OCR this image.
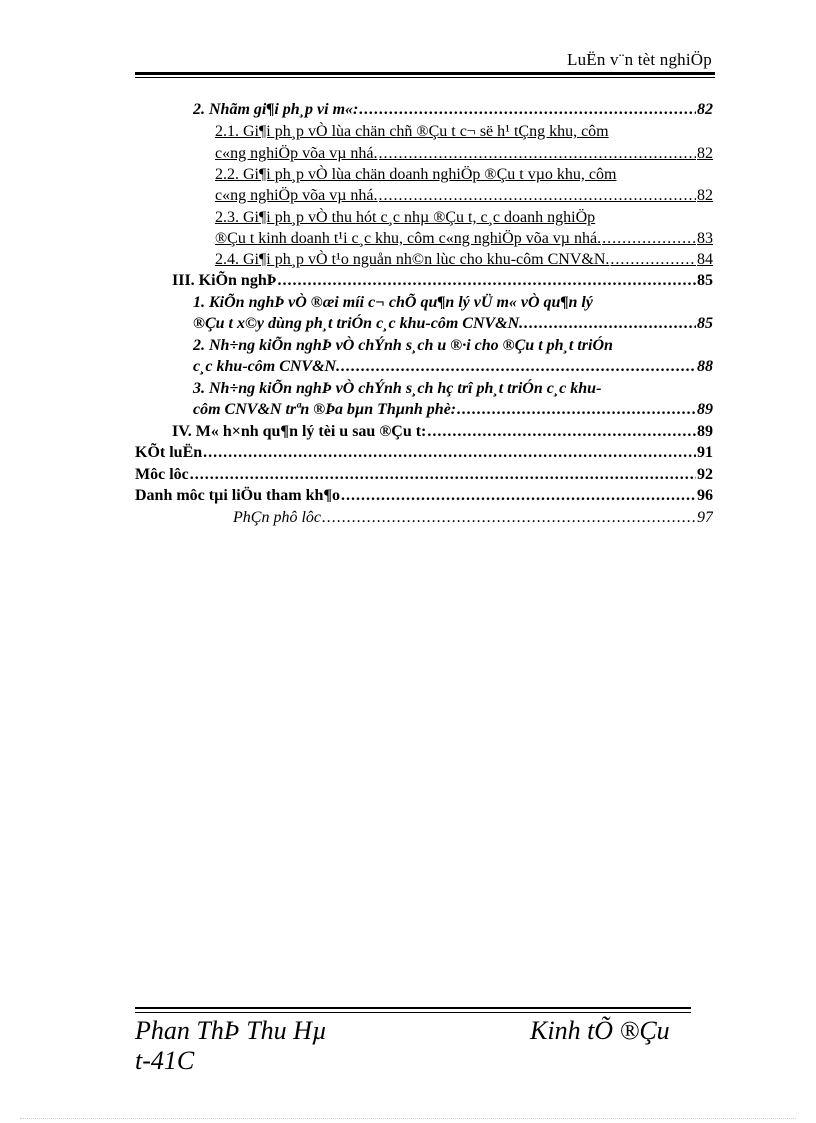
LuËn v¨n tèt nghiÖp
2. Nhãm gi¶i ph¸p vi m«: .....	82
2.1. Gi¶i ph¸p vÒ lùa chän chñ ®Çu t c¬ së h¹ tÇng khu, côm
c«ng nghiÖp võa vµ nhá. .....	82
2.2. Gi¶i ph¸p vÒ lùa chän doanh nghiÖp ®Çu t vµo khu, côm
c«ng nghiÖp võa vµ nhá. .....	82
2.3. Gi¶i ph¸p vÒ thu hót c¸c nhµ ®Çu t, c¸c doanh nghiÖp
®Çu t kinh doanh t¹i c¸c khu, côm c«ng nghiÖp võa vµ nhá. .....	83
2.4. Gi¶i ph¸p vÒ t¹o nguån nh©n lùc cho khu-côm CNV&N. .....	84
III. KiÕn nghÞ .....	85
1. KiÕn nghÞ vÒ ®æi míi c¬ chÕ qu¶n lý vÜ m« vÒ qu¶n lý
®Çu t x©y dùng ph¸t triÓn c¸c khu-côm CNV&N. .....	85
2. Nh÷ng kiÕn nghÞ vÒ chÝnh s¸ch u ®·i cho ®Çu t ph¸t triÓn
c¸c khu-côm CNV&N. .....	88
3. Nh÷ng kiÕn nghÞ vÒ chÝnh s¸ch hç trî ph¸t triÓn c¸c khu-
côm CNV&N trªn ®Þa bµn Thµnh phè: .....	89
IV. M« h×nh qu¶n lý tèi u sau ®Çu t: .....	89
KÕt luËn .....	91
Môc lôc .....	92
Danh môc tµi liÖu tham kh¶o .....	96
PhÇn phô lôc .....	97
Phan ThÞ Thu Hµ	Kinh tÕ ®Çu
t-41C
